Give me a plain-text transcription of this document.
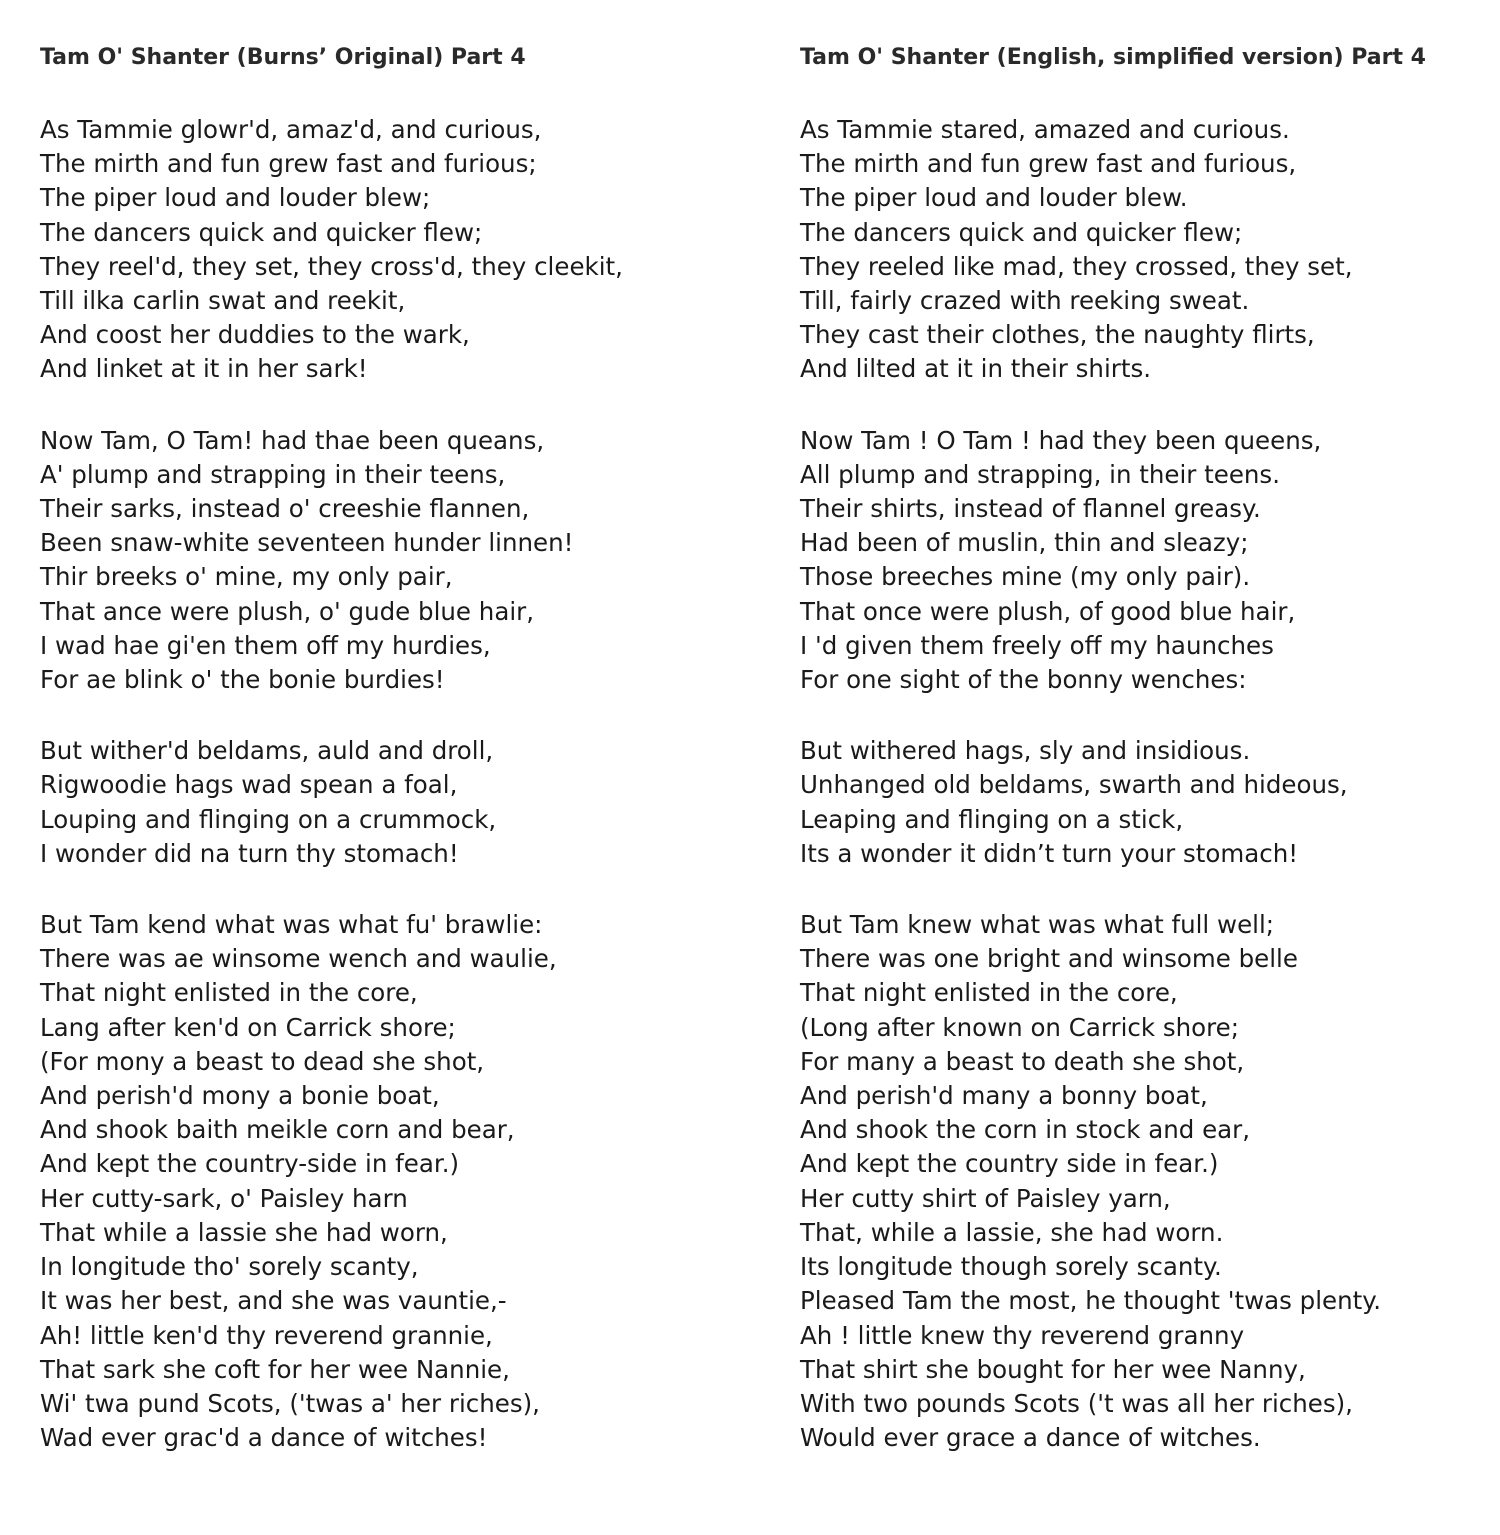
Tam O' Shanter (Burns’ Original) Part 4
As Tammie glowr'd, amaz'd, and curious,
The mirth and fun grew fast and furious;
The piper loud and louder blew;
The dancers quick and quicker flew;
They reel'd, they set, they cross'd, they cleekit,
Till ilka carlin swat and reekit,
And coost her duddies to the wark,
And linket at it in her sark!
Now Tam, O Tam! had thae been queans,
A' plump and strapping in their teens,
Their sarks, instead o' creeshie flannen,
Been snaw-white seventeen hunder linnen!
Thir breeks o' mine, my only pair,
That ance were plush, o' gude blue hair,
I wad hae gi'en them off my hurdies,
For ae blink o' the bonie burdies!
But wither'd beldams, auld and droll,
Rigwoodie hags wad spean a foal,
Louping and flinging on a crummock,
I wonder did na turn thy stomach!
But Tam kend what was what fu' brawlie:
There was ae winsome wench and waulie,
That night enlisted in the core,
Lang after ken'd on Carrick shore;
(For mony a beast to dead she shot,
And perish'd mony a bonie boat,
And shook baith meikle corn and bear,
And kept the country-side in fear.)
Her cutty-sark, o' Paisley harn
That while a lassie she had worn,
In longitude tho' sorely scanty,
It was her best, and she was vauntie,-
Ah! little ken'd thy reverend grannie,
That sark she coft for her wee Nannie,
Wi' twa pund Scots, ('twas a' her riches),
Wad ever grac'd a dance of witches!
Tam O' Shanter (English, simplified version) Part 4
As Tammie stared, amazed and curious.
The mirth and fun grew fast and furious,
The piper loud and louder blew.
The dancers quick and quicker flew;
They reeled like mad, they crossed, they set,
Till, fairly crazed with reeking sweat.
They cast their clothes, the naughty flirts,
And lilted at it in their shirts.
Now Tam ! O Tam ! had they been queens,
All plump and strapping, in their teens.
Their shirts, instead of flannel greasy.
Had been of muslin, thin and sleazy;
Those breeches mine (my only pair).
That once were plush, of good blue hair,
I 'd given them freely off my haunches
For one sight of the bonny wenches:
But withered hags, sly and insidious.
Unhanged old beldams, swarth and hideous,
Leaping and flinging on a stick,
Its a wonder it didn’t turn your stomach!
But Tam knew what was what full well;
There was one bright and winsome belle
That night enlisted in the core,
(Long after known on Carrick shore;
For many a beast to death she shot,
And perish'd many a bonny boat,
And shook the corn in stock and ear,
And kept the country side in fear.)
Her cutty shirt of Paisley yarn,
That, while a lassie, she had worn.
Its longitude though sorely scanty.
Pleased Tam the most, he thought 'twas plenty.
Ah ! little knew thy reverend granny
That shirt she bought for her wee Nanny,
With two pounds Scots ('t was all her riches),
Would ever grace a dance of witches.
